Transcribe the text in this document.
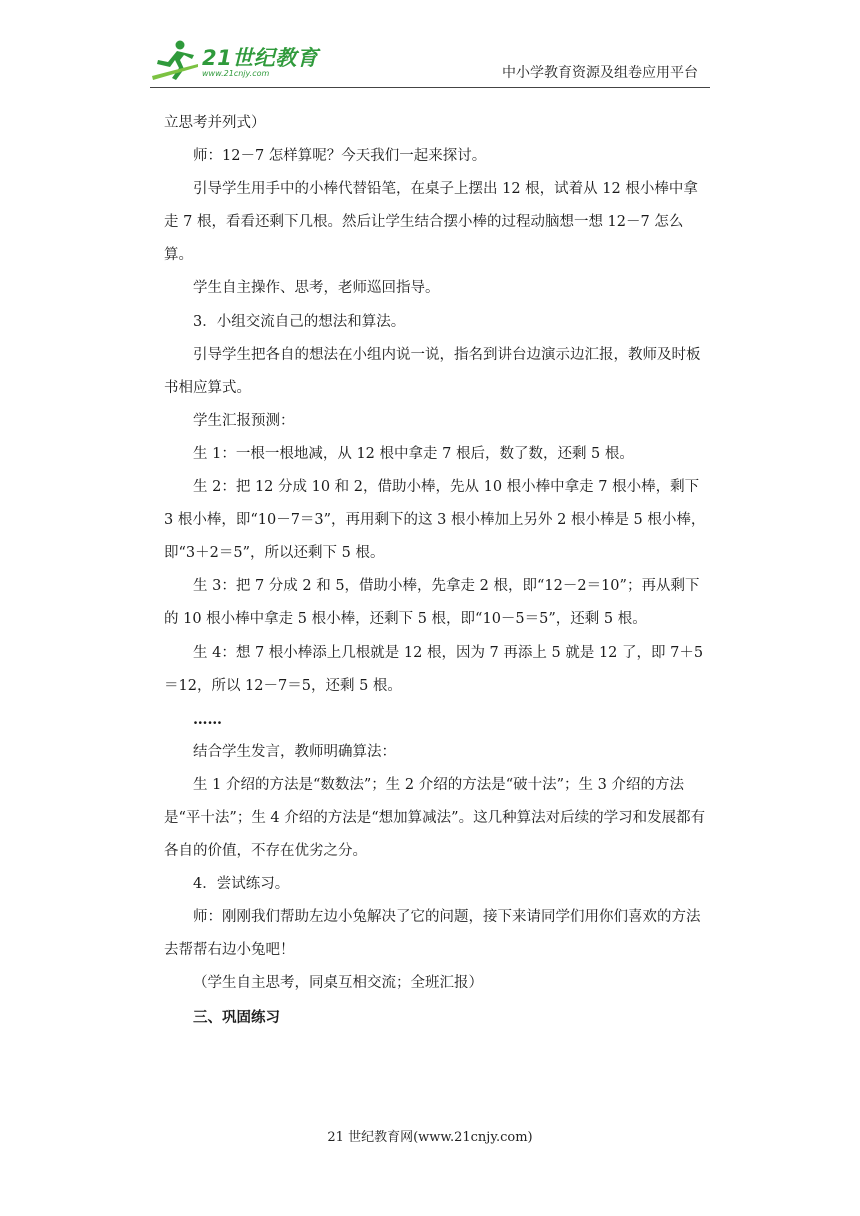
21世纪教育
www.21cnjy.com	中小学教育资源及组卷应用平台

立思考并列式）

师：12－7 怎样算呢？今天我们一起来探讨。

引导学生用手中的小棒代替铅笔，在桌子上摆出 12 根，试着从 12 根小棒中拿走 7 根，看看还剩下几根。然后让学生结合摆小棒的过程动脑想一想 12－7 怎么算。

学生自主操作、思考，老师巡回指导。

3．小组交流自己的想法和算法。

引导学生把各自的想法在小组内说一说，指名到讲台边演示边汇报，教师及时板书相应算式。

学生汇报预测：

生 1：一根一根地减，从 12 根中拿走 7 根后，数了数，还剩 5 根。

生 2：把 12 分成 10 和 2，借助小棒，先从 10 根小棒中拿走 7 根小棒，剩下 3 根小棒，即“10－7＝3”，再用剩下的这 3 根小棒加上另外 2 根小棒是 5 根小棒，即“3＋2＝5”，所以还剩下 5 根。

生 3：把 7 分成 2 和 5，借助小棒，先拿走 2 根，即“12－2＝10”；再从剩下的 10 根小棒中拿走 5 根小棒，还剩下 5 根，即“10－5＝5”，还剩 5 根。

生 4：想 7 根小棒添上几根就是 12 根，因为 7 再添上 5 就是 12 了，即 7＋5＝12，所以 12－7＝5，还剩 5 根。

……

结合学生发言，教师明确算法：

生 1 介绍的方法是“数数法”；生 2 介绍的方法是“破十法”；生 3 介绍的方法是“平十法”；生 4 介绍的方法是“想加算减法”。这几种算法对后续的学习和发展都有各自的价值，不存在优劣之分。

4．尝试练习。

师：刚刚我们帮助左边小兔解决了它的问题，接下来请同学们用你们喜欢的方法去帮帮右边小兔吧！

（学生自主思考，同桌互相交流；全班汇报）

三、巩固练习

21 世纪教育网(www.21cnjy.com)
